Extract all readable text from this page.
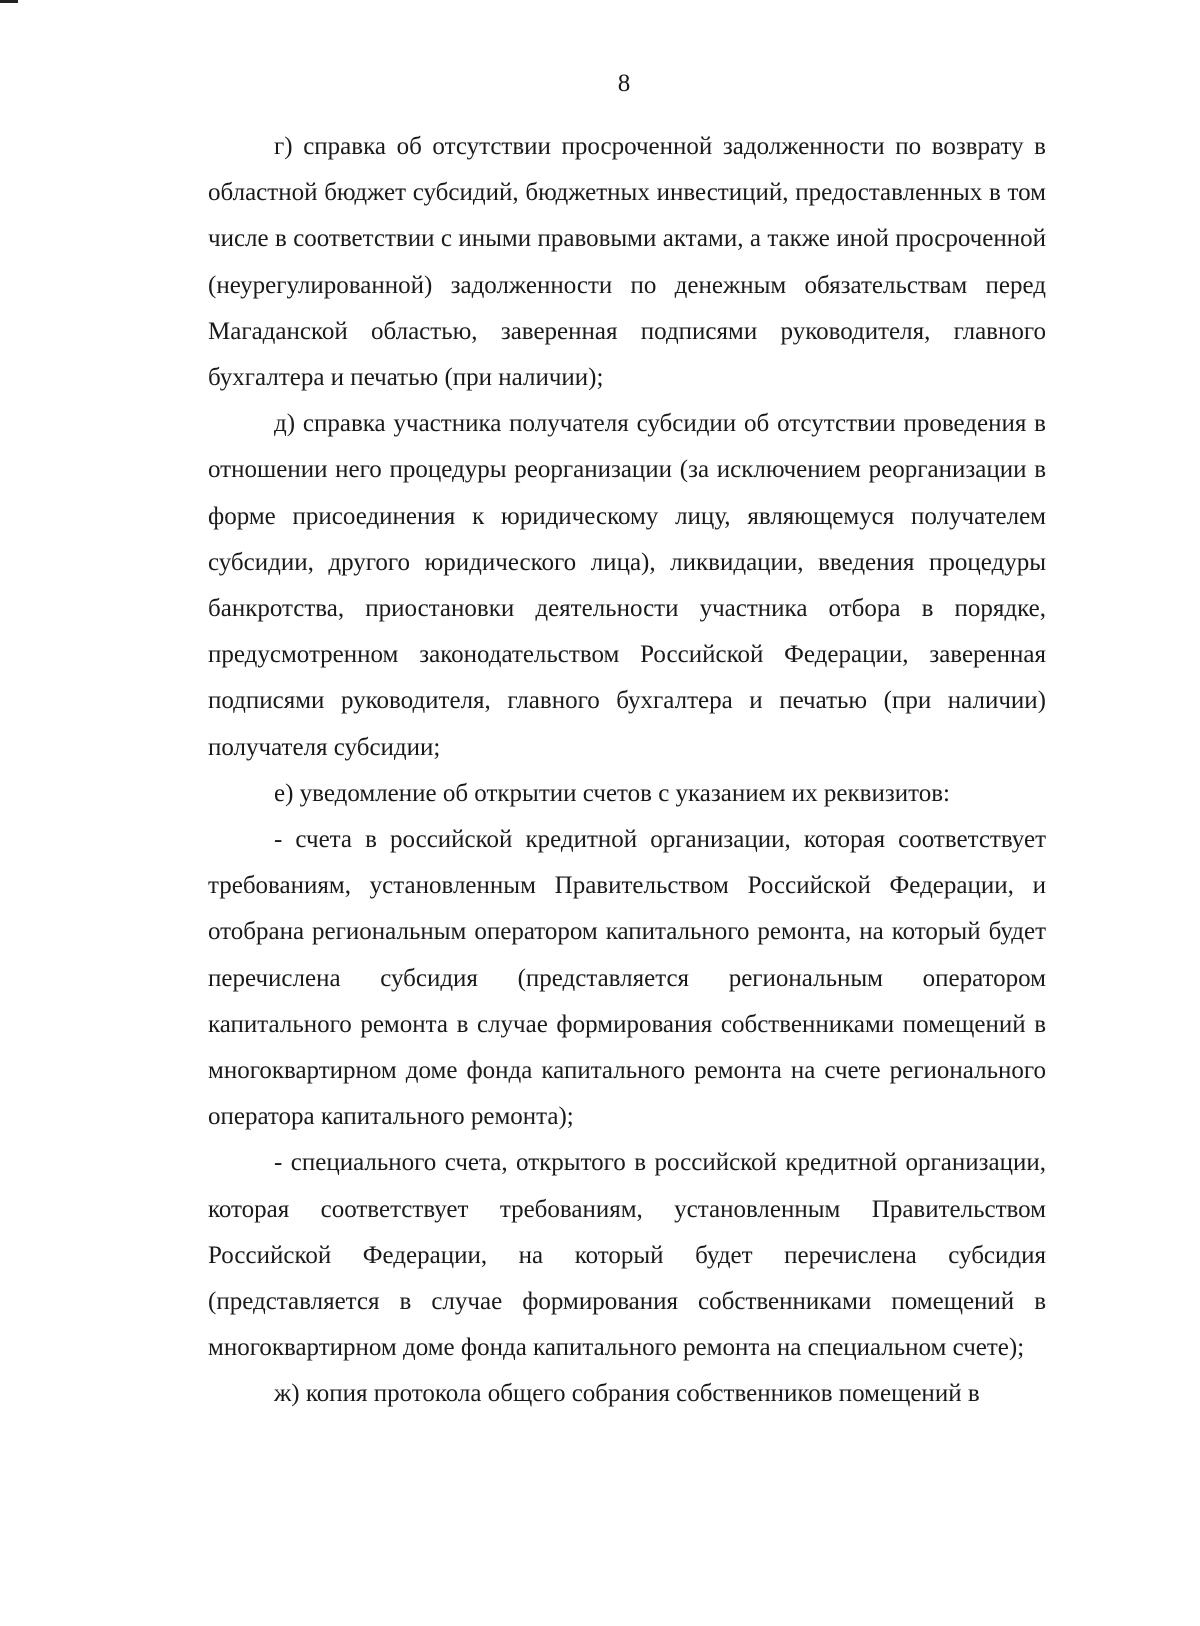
8

г) справка об отсутствии просроченной задолженности по возврату в областной бюджет субсидий, бюджетных инвестиций, предоставленных в том числе в соответствии с иными правовыми актами, а также иной просроченной (неурегулированной) задолженности по денежным обязательствам перед Магаданской областью, заверенная подписями руководителя, главного бухгалтера и печатью (при наличии);

д) справка участника получателя субсидии об отсутствии проведения в отношении него процедуры реорганизации (за исключением реорганизации в форме присоединения к юридическому лицу, являющемуся получателем субсидии, другого юридического лица), ликвидации, введения процедуры банкротства, приостановки деятельности участника отбора в порядке, предусмотренном законодательством Российской Федерации, заверенная подписями руководителя, главного бухгалтера и печатью (при наличии) получателя субсидии;

е) уведомление об открытии счетов с указанием их реквизитов:

- счета в российской кредитной организации, которая соответствует требованиям, установленным Правительством Российской Федерации, и отобрана региональным оператором капитального ремонта, на который будет перечислена субсидия (представляется региональным оператором капитального ремонта в случае формирования собственниками помещений в многоквартирном доме фонда капитального ремонта на счете регионального оператора капитального ремонта);

- специального счета, открытого в российской кредитной организации, которая соответствует требованиям, установленным Правительством Российской Федерации, на который будет перечислена субсидия (представляется в случае формирования собственниками помещений в многоквартирном доме фонда капитального ремонта на специальном счете);

ж) копия протокола общего собрания собственников помещений в
